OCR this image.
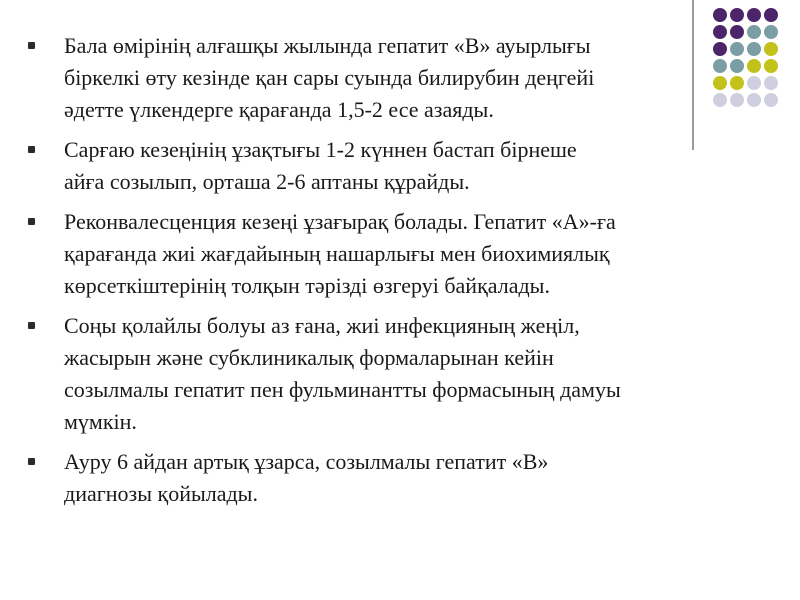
Бала өмірінің алғашқы жылында гепатит «В» ауырлығы
біркелкі өту кезінде қан сары суында билирубин деңгейі
әдетте үлкендерге қарағанда 1,5-2 есе азаяды.
Сарғаю кезеңінің ұзақтығы 1-2 күннен бастап бірнеше
айға созылып, орташа 2-6 аптаны құрайды.
Реконвалесценция кезеңі ұзағырақ болады. Гепатит «А»-ға
қарағанда жиі жағдайының нашарлығы мен биохимиялық
көрсеткіштерінің толқын тәрізді өзгеруі байқалады.
Соңы қолайлы болуы аз ғана, жиі инфекцияның жеңіл,
жасырын және субклиникалық формаларынан кейін
созылмалы гепатит пен фульминантты формасының дамуы
мүмкін.
Ауру 6 айдан артық ұзарса, созылмалы гепатит «В»
диагнозы қойылады.
